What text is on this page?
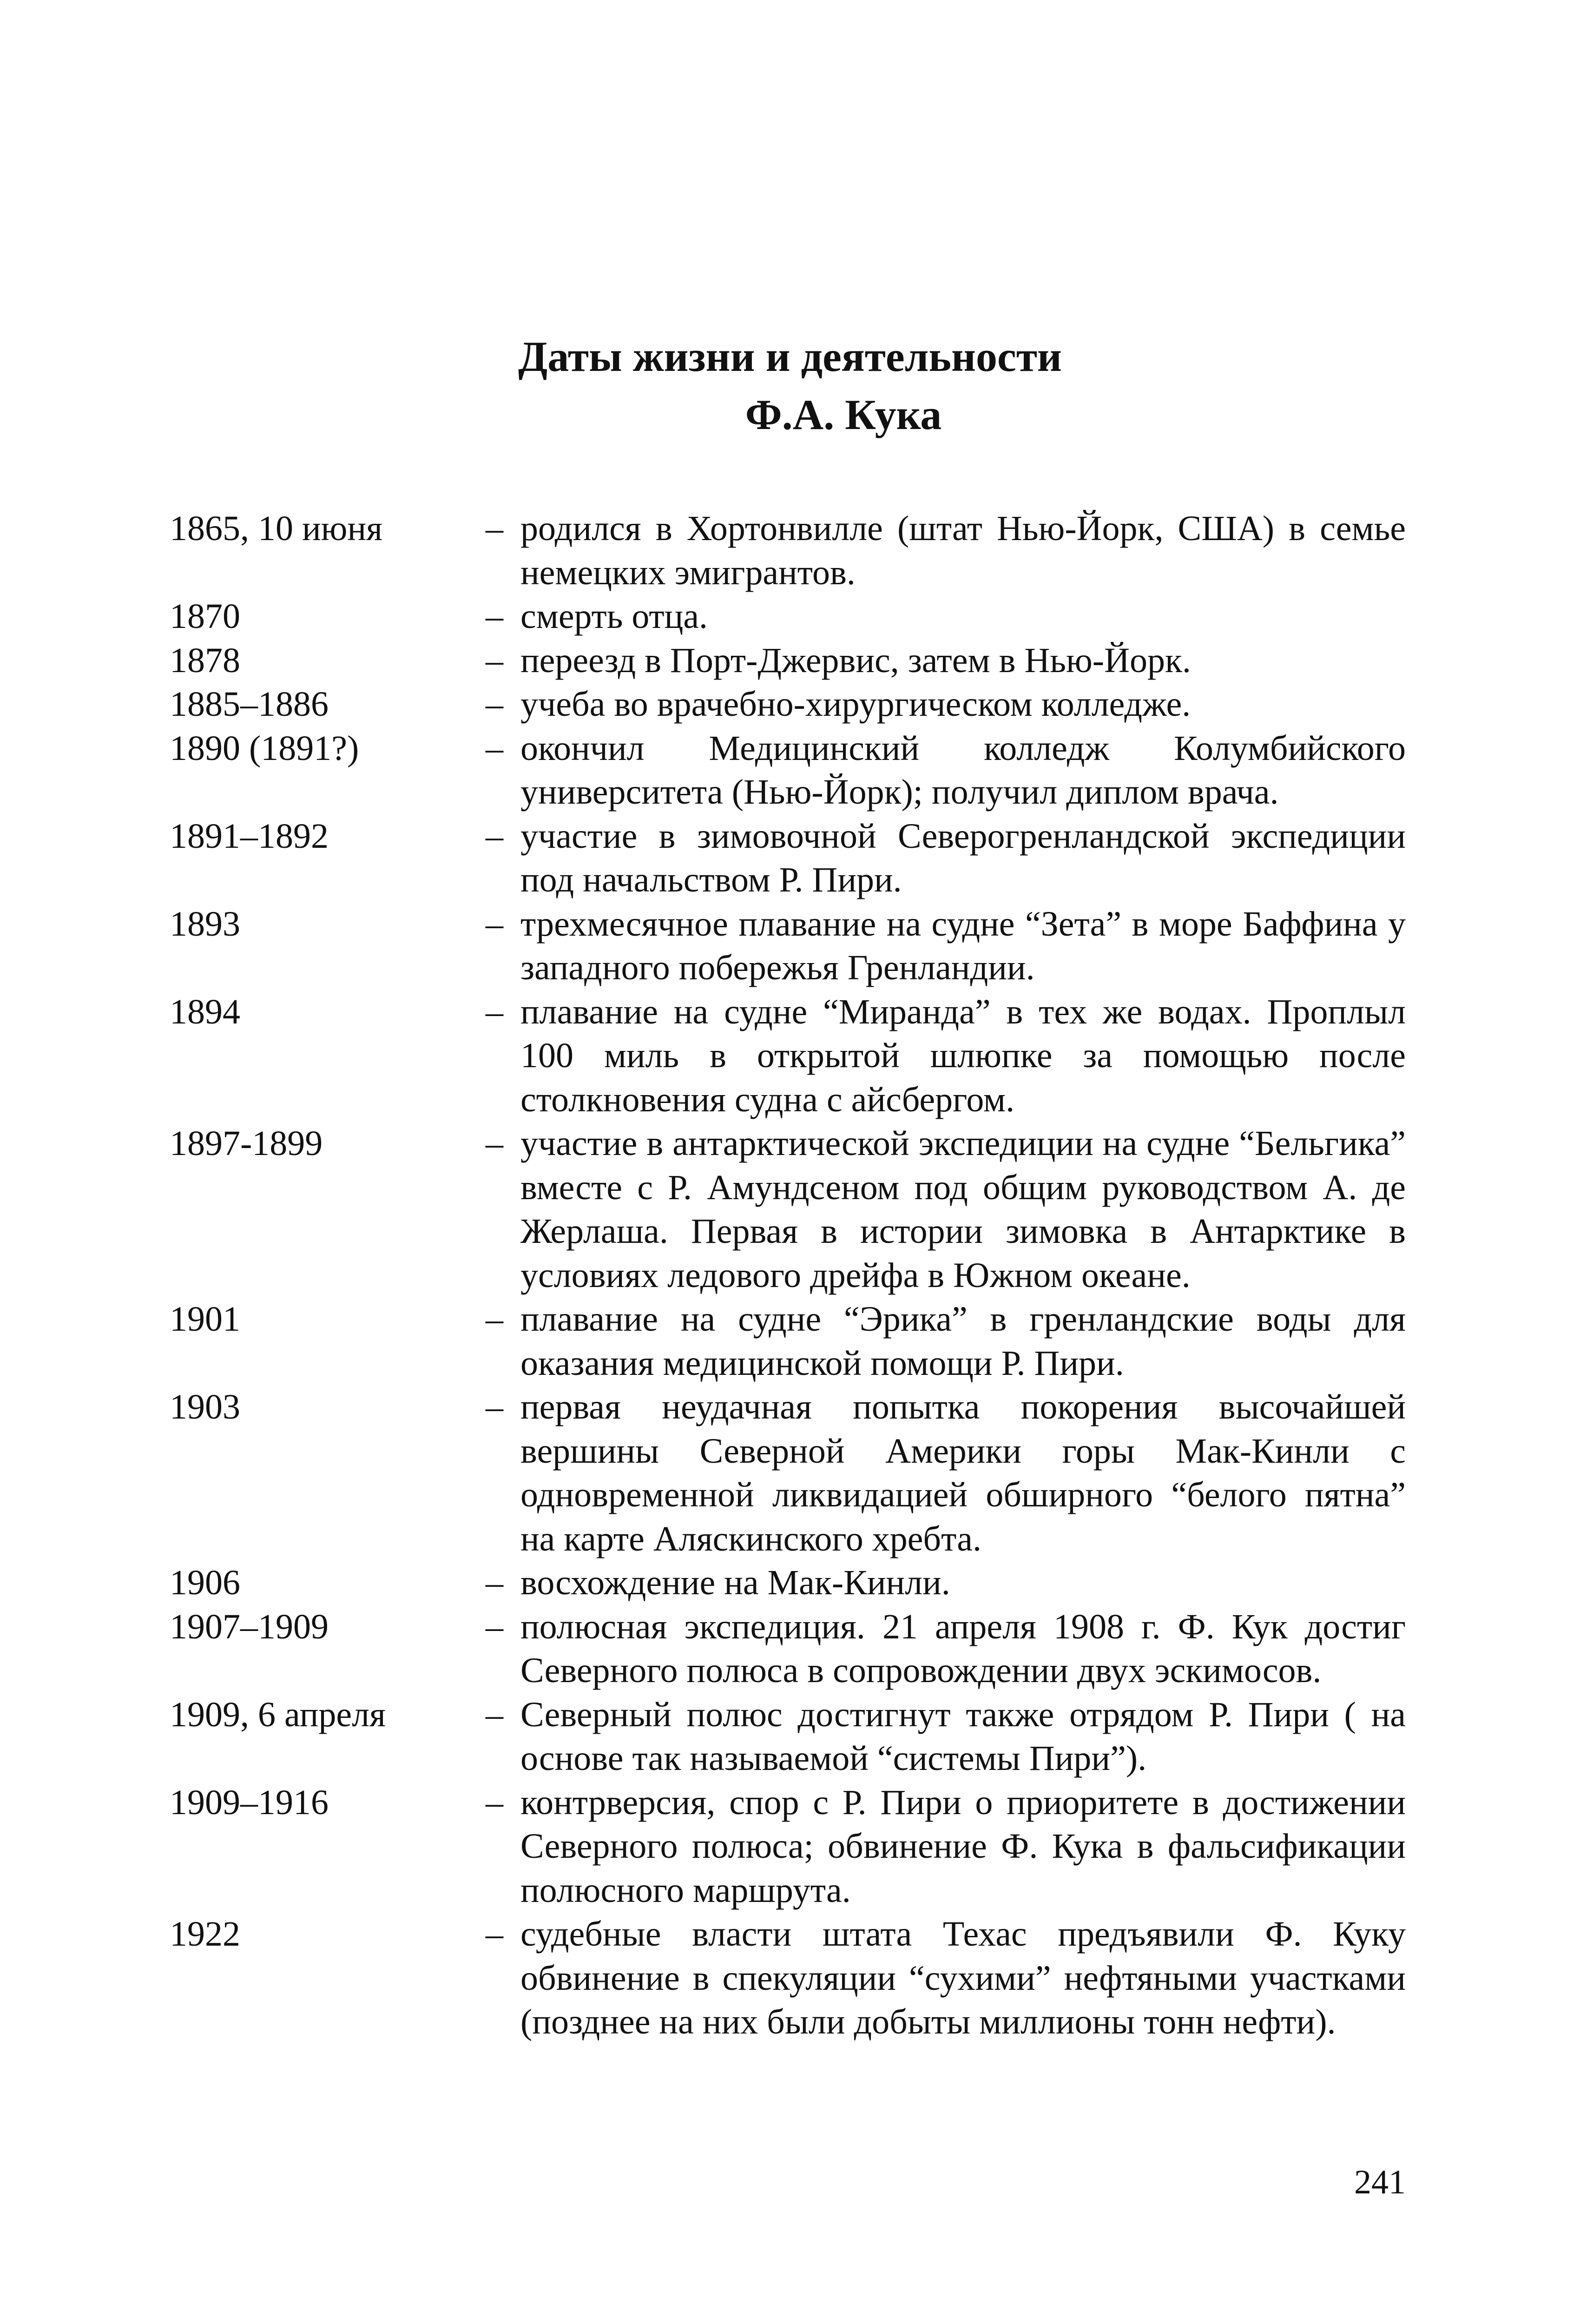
Даты жизни и деятельности
Ф.А. Кука
1865, 10 июня	– родился в Хортонвилле (штат Нью-Йорк, США) в семье немецких эмигрантов.
1870	– смерть отца.
1878	– переезд в Порт-Джервис, затем в Нью-Йорк.
1885–1886	– учеба во врачебно-хирургическом колледже.
1890 (1891?)	– окончил Медицинский колледж Колумбийского университета (Нью-Йорк); получил диплом врача.
1891–1892	– участие в зимовочной Северогренландской экспедиции под начальством Р. Пири.
1893	– трехмесячное плавание на судне “Зета” в море Баффина у западного побережья Гренландии.
1894	– плавание на судне “Миранда” в тех же водах. Проплыл 100 миль в открытой шлюпке за помощью после столкновения судна с айсбергом.
1897-1899	– участие в антарктической экспедиции на судне “Бельгика” вместе с Р. Амундсеном под общим руководством А. де Жерлаша. Первая в истории зимовка в Антарктике в условиях ледового дрейфа в Южном океане.
1901	– плавание на судне “Эрика” в гренландские воды для оказания медицинской помощи Р. Пири.
1903	– первая неудачная попытка покорения высочайшей вершины Северной Америки горы Мак-Кинли с одновременной ликвидацией обширного “белого пятна” на карте Аляскинского хребта.
1906	– восхождение на Мак-Кинли.
1907–1909	– полюсная экспедиция. 21 апреля 1908 г. Ф. Кук достиг Северного полюса в сопровождении двух эскимосов.
1909, 6 апреля	– Северный полюс достигнут также отрядом Р. Пири ( на основе так называемой “системы Пири”).
1909–1916	– контрверсия, спор с Р. Пири о приоритете в достижении Северного полюса; обвинение Ф. Кука в фальсификации полюсного маршрута.
1922	– судебные власти штата Техас предъявили Ф. Куку обвинение в спекуляции “сухими” нефтяными участками (позднее на них были добыты миллионы тонн нефти).
241
